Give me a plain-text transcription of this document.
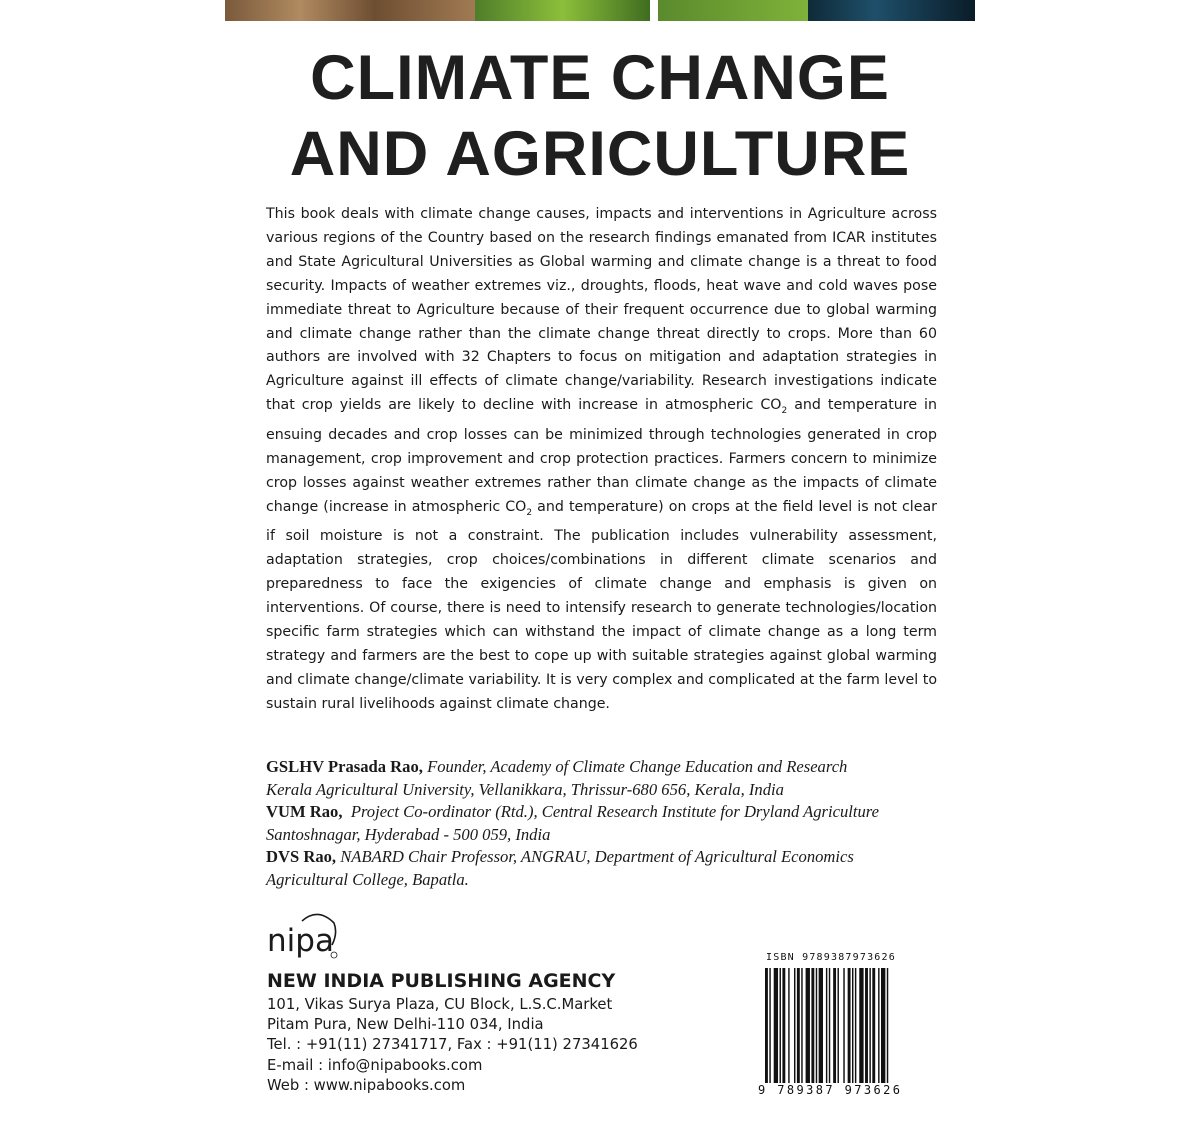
CLIMATE CHANGE
AND AGRICULTURE

This book deals with climate change causes, impacts and interventions in Agriculture across various regions of the Country based on the research findings emanated from ICAR institutes and State Agricultural Universities as Global warming and climate change is a threat to food security. Impacts of weather extremes viz., droughts, floods, heat wave and cold waves pose immediate threat to Agriculture because of their frequent occurrence due to global warming and climate change rather than the climate change threat directly to crops. More than 60 authors are involved with 32 Chapters to focus on mitigation and adaptation strategies in Agriculture against ill effects of climate change/variability. Research investigations indicate that crop yields are likely to decline with increase in atmospheric $CO_2$ and temperature in ensuing decades and crop losses can be minimized through technologies generated in crop management, crop improvement and crop protection practices. Farmers concern to minimize crop losses against weather extremes rather than climate change as the impacts of climate change (increase in atmospheric $CO_2$ and temperature) on crops at the field level is not clear if soil moisture is not a constraint. The publication includes vulnerability assessment, adaptation strategies, crop choices/combinations in different climate scenarios and preparedness to face the exigencies of climate change and emphasis is given on interventions. Of course, there is need to intensify research to generate technologies/location specific farm strategies which can withstand the impact of climate change as a long term strategy and farmers are the best to cope up with suitable strategies against global warming and climate change/climate variability. It is very complex and complicated at the farm level to sustain rural livelihoods against climate change.

GSLHV Prasada Rao, Founder, Academy of Climate Change Education and Research

Kerala Agricultural University, Vellanikkara, Thrissur-680 656, Kerala, India

VUM Rao, Project Co-ordinator (Rtd.), Central Research Institute for Dryland Agriculture

Santoshnagar, Hyderabad - 500 059, India

DVS Rao, NABARD Chair Professor, ANGRAU, Department of Agricultural Economics

Agricultural College, Bapatla.

nipa

NEW INDIA PUBLISHING AGENCY

101, Vikas Surya Plaza, CU Block, L.S.C.Market

Pitam Pura, New Delhi-110 034, India

Tel. : +91(11) 27341717, Fax : +91(11) 27341626

E-mail : info@nipabooks.com

Web : www.nipabooks.com

ISBN 9789387973626
9 789387 973626
